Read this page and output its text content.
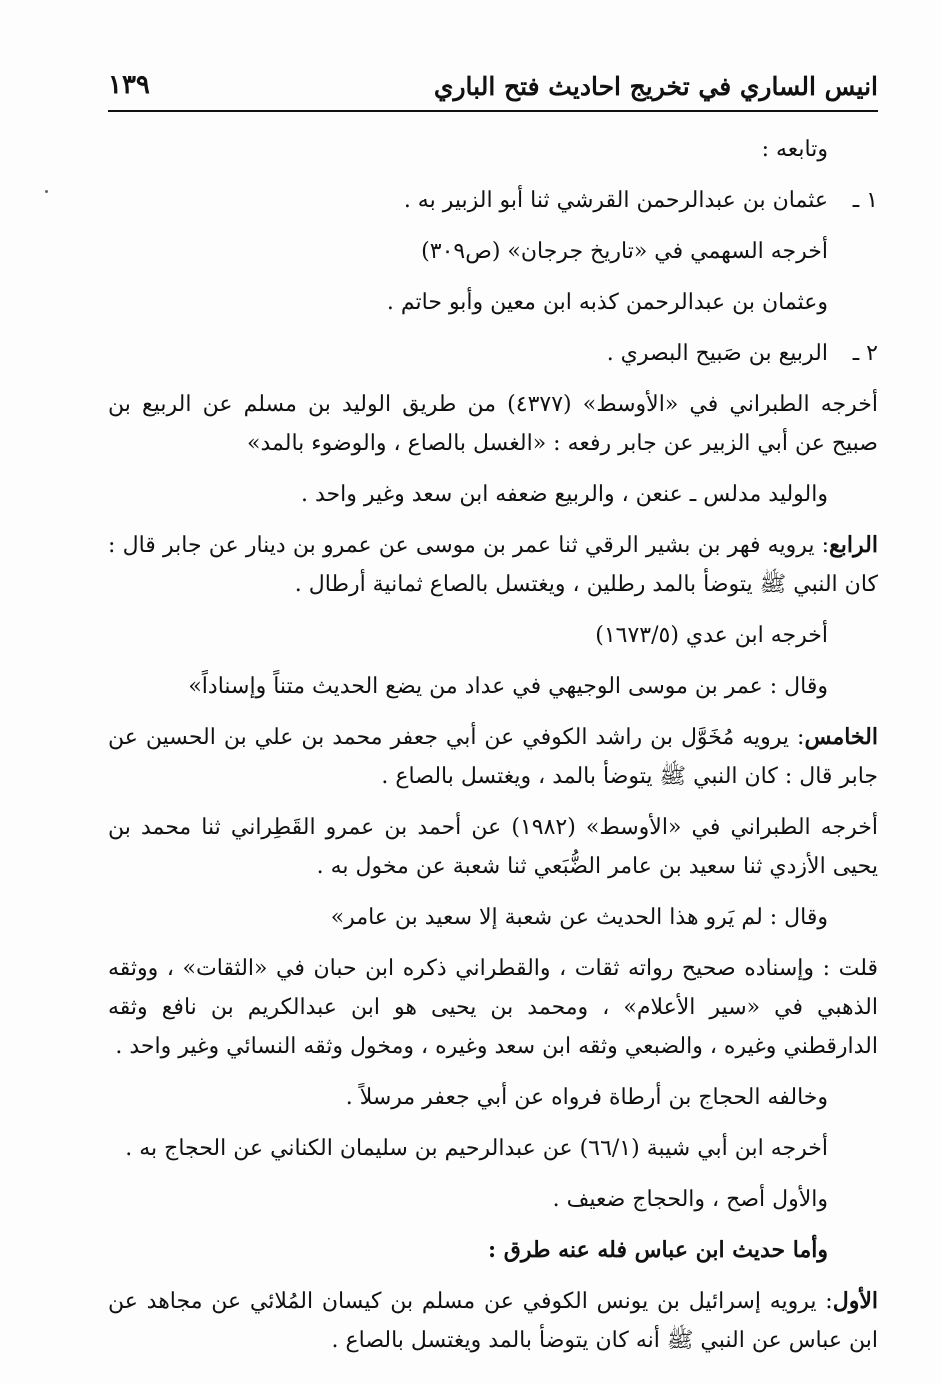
١٣٩	انيس الساري في تخريج احاديث فتح الباري

وتابعه :

١ ـ
عثمان بن عبدالرحمن القرشي ثنا أبو الزبير به .

أخرجه السهمي في «تاريخ جرجان» (ص٣٠٩)

وعثمان بن عبدالرحمن كذبه ابن معين وأبو حاتم .

٢ ـ
الربيع بن صَبيح البصري .

أخرجه الطبراني في «الأوسط» (٤٣٧٧) من طريق الوليد بن مسلم عن الربيع بن صبيح عن أبي الزبير عن جابر رفعه : «الغسل بالصاع ، والوضوء بالمد»

والوليد مدلس ـ عنعن ، والربيع ضعفه ابن سعد وغير واحد .

الرابع: يرويه فهر بن بشير الرقي ثنا عمر بن موسى عن عمرو بن دينار عن جابر قال : كان النبي ﷺ يتوضأ بالمد رطلين ، ويغتسل بالصاع ثمانية أرطال .

أخرجه ابن عدي (١٦٧٣/٥)

وقال : عمر بن موسى الوجيهي في عداد من يضع الحديث متناً وإسناداً»

الخامس: يرويه مُخَوَّل بن راشد الكوفي عن أبي جعفر محمد بن علي بن الحسين عن جابر قال : كان النبي ﷺ يتوضأ بالمد ، ويغتسل بالصاع .

أخرجه الطبراني في «الأوسط» (١٩٨٢) عن أحمد بن عمرو القَطِراني ثنا محمد بن يحيى الأزدي ثنا سعيد بن عامر الضُّبَعي ثنا شعبة عن مخول به .

وقال : لم يَرو هذا الحديث عن شعبة إلا سعيد بن عامر»

قلت : وإسناده صحيح رواته ثقات ، والقطراني ذكره ابن حبان في «الثقات» ، ووثقه الذهبي في «سير الأعلام» ، ومحمد بن يحيى هو ابن عبدالكريم بن نافع وثقه الدارقطني وغيره ، والضبعي وثقه ابن سعد وغيره ، ومخول وثقه النسائي وغير واحد .

وخالفه الحجاج بن أرطاة فرواه عن أبي جعفر مرسلاً .

أخرجه ابن أبي شيبة (٦٦/١) عن عبدالرحيم بن سليمان الكناني عن الحجاج به .

والأول أصح ، والحجاج ضعيف .

وأما حديث ابن عباس فله عنه طرق :

الأول: يرويه إسرائيل بن يونس الكوفي عن مسلم بن كيسان المُلائي عن مجاهد عن ابن عباس عن النبي ﷺ أنه كان يتوضأ بالمد ويغتسل بالصاع .
